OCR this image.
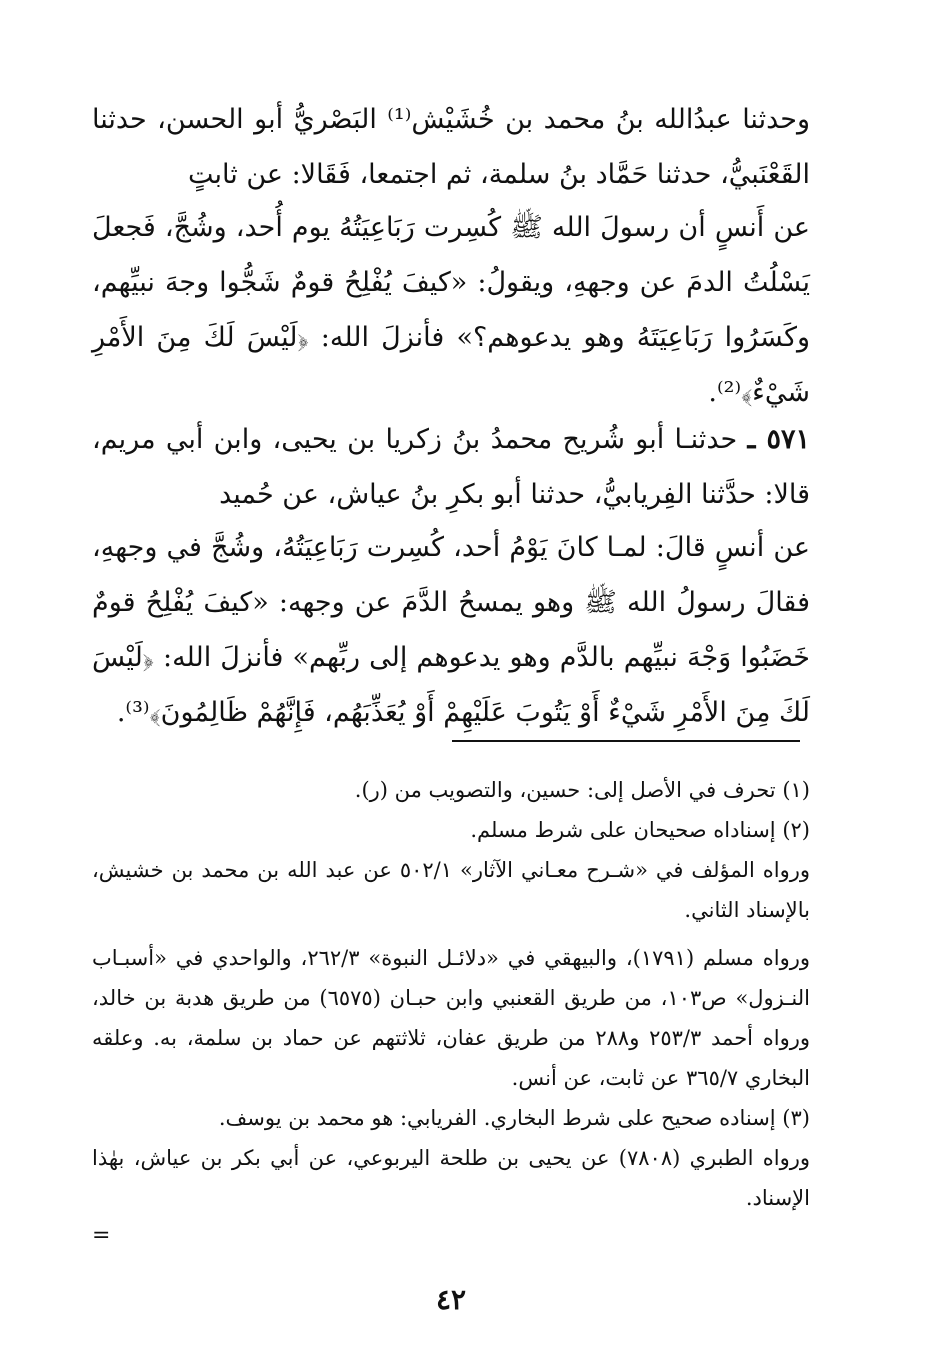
وحدثنا عبدُالله بنُ محمد بن خُشَيْش⁽¹⁾ البَصْريُّ أبو الحسن، حدثنا القَعْنَبيُّ، حدثنا حَمَّاد بنُ سلمة، ثم اجتمعا، فَقَالا: عن ثابتٍ

عن أَنسٍ أن رسولَ الله ﷺ كُسِرت رَبَاعِيَتُهُ يوم أُحد، وشُجَّ، فَجعلَ يَسْلُتُ الدمَ عن وجههِ، ويقولُ: «كيفَ يُفْلِحُ قومٌ شَجُّوا وجهَ نبيِّهم، وكَسَرُوا رَبَاعِيَتَهُ وهو يدعوهم؟» فأنزلَ الله: ﴿لَيْسَ لَكَ مِنَ الأَمْرِ شَيْءٌ﴾⁽²⁾.

٥٧١ ـ حدثنـا أبو شُريح محمدُ بنُ زكريا بن يحيى، وابن أبي مريم، قالا: حدَّثنا الفِريابيُّ، حدثنا أبو بكرِ بنُ عياش، عن حُميد

عن أنسٍ قالَ: لمـا كانَ يَوْمُ أحد، كُسِرت رَبَاعِيَتُهُ، وشُجَّ في وجههِ، فقالَ رسولُ الله ﷺ وهو يمسحُ الدَّمَ عن وجهه: «كيفَ يُفْلِحُ قومٌ خَضَبُوا وَجْهَ نبيِّهم بالدَّم وهو يدعوهم إلى ربِّهم» فأنزلَ الله: ﴿لَيْسَ لَكَ مِنَ الأَمْرِ شَيْءٌ أَوْ يَتُوبَ عَلَيْهِمْ أَوْ يُعَذِّبَهُم، فَإِنَّهُمْ ظَالِمُونَ﴾⁽³⁾.

(١) تحرف في الأصل إلى: حسين، والتصويب من (ر).

(٢) إسناداه صحيحان على شرط مسلم.

ورواه المؤلف في «شـرح معـاني الآثار» ٥٠٢/١ عن عبد الله بن محمد بن خشيش، بالإسناد الثاني.

ورواه مسلم (١٧٩١)، والبيهقي في «دلائـل النبوة» ٢٦٢/٣، والواحدي في «أسبـاب النـزول» ص١٠٣، من طريق القعنبي وابن حبـان (٦٥٧٥) من طريق هدبة بن خالد، ورواه أحمد ٢٥٣/٣ و٢٨٨ من طريق عفان، ثلاثتهم عن حماد بن سلمة، به. وعلقه البخاري ٣٦٥/٧ عن ثابت، عن أنس.

(٣) إسناده صحيح على شرط البخاري. الفريابي: هو محمد بن يوسف.

ورواه الطبري (٧٨٠٨) عن يحيى بن طلحة اليربوعي، عن أبي بكر بن عياش، بهٰذا الإسناد.

=
٤٢
